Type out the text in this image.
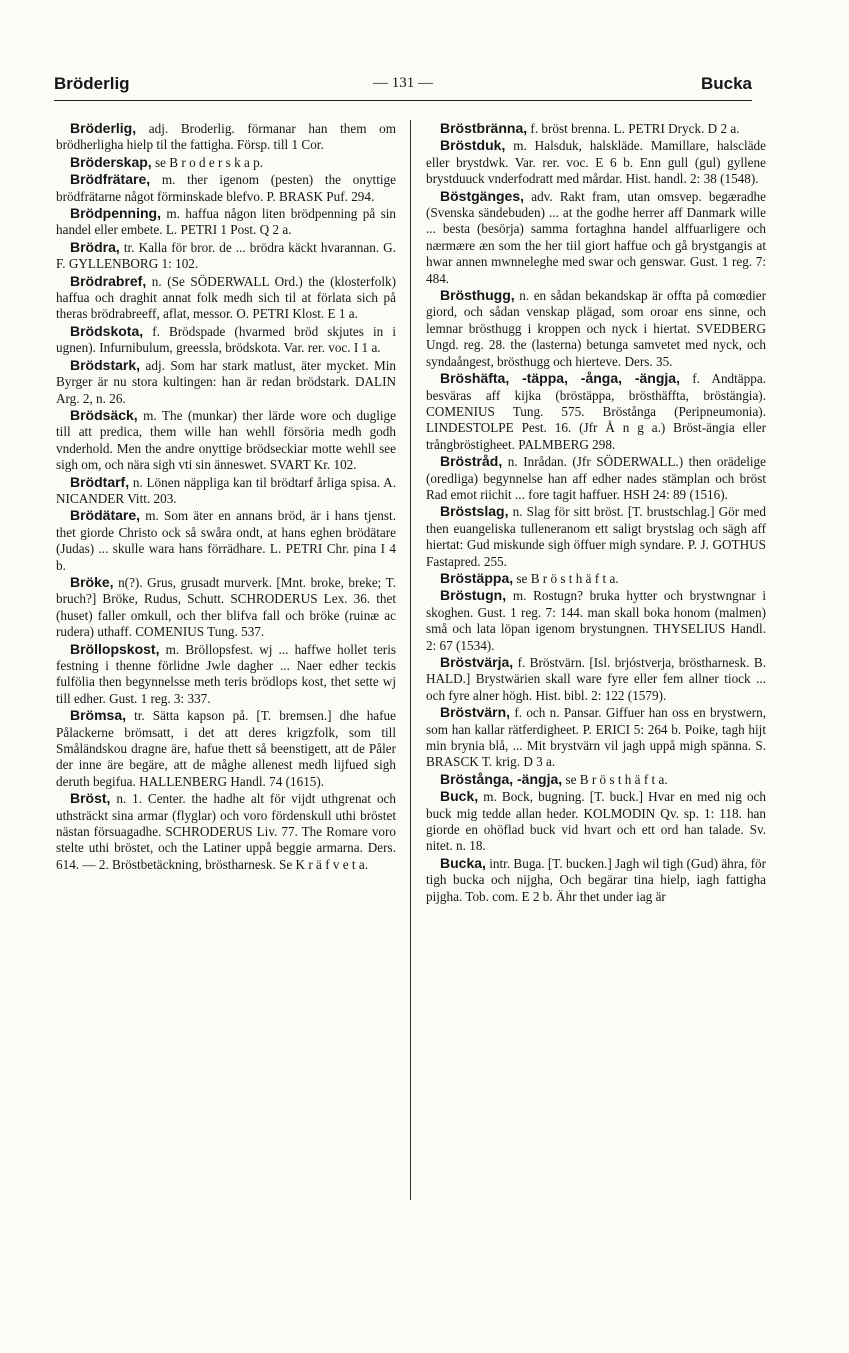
Bröderlig	— 131 —	Bucka

Bröderlig, adj. Broderlig. förmanar han them om brödherligha hielp til the fattigha. Försp. till 1 Cor.

Bröderskap, se B r o d e r s k a p.

Brödfrätare, m. ther igenom (pesten) the onyttige brödfrätarne något förminskade blefvo. P. BRASK Puf. 294.

Brödpenning, m. haffua någon liten brödpenning på sin handel eller embete. L. PETRI 1 Post. Q 2 a.

Brödra, tr. Kalla för bror. de ... brödra käckt hvarannan. G. F. GYLLENBORG 1: 102.

Brödrabref, n. (Se SÖDERWALL Ord.) the (klosterfolk) haffua och draghit annat folk medh sich til at förlata sich på theras brödrabreeff, aflat, messor. O. PETRI Klost. E 1 a.

Brödskota, f. Brödspade (hvarmed bröd skjutes in i ugnen). Infurnibulum, greessla, brödskota. Var. rer. voc. I 1 a.

Brödstark, adj. Som har stark matlust, äter mycket. Min Byrger är nu stora kultingen: han är redan brödstark. DALIN Arg. 2, n. 26.

Brödsäck, m. The (munkar) ther lärde wore och duglige till att predica, them wille han wehll försöria medh godh vnderhold. Men the andre onyttige brödseckiar motte wehll see sigh om, och nära sigh vti sin änneswet. SVART Kr. 102.

Brödtarf, n. Lönen näppliga kan til brödtarf årliga spisa. A. NICANDER Vitt. 203.

Brödätare, m. Som äter en annans bröd, är i hans tjenst. thet giorde Christo ock så swåra ondt, at hans eghen brödätare (Judas) ... skulle wara hans förrädhare. L. PETRI Chr. pina I 4 b.

Bröke, n(?). Grus, grusadt murverk. [Mnt. broke, breke; T. bruch?] Bröke, Rudus, Schutt. SCHRODERUS Lex. 36. thet (huset) faller omkull, och ther blifva fall och bröke (ruinæ ac rudera) uthaff. COMENIUS Tung. 537.

Bröllopskost, m. Bröllopsfest. wj ... haffwe hollet teris festning i thenne förlidne Jwle dagher ... Naer edher teckis fulfölia then begynnelsse meth teris brödlops kost, thet sette wj till edher. Gust. 1 reg. 3: 337.

Brömsa, tr. Sätta kapson på. [T. bremsen.] dhe hafue Pålackerne brömsatt, i det att deres krigzfolk, som till Småländskou dragne äre, hafue thett så beenstigett, att de Påler der inne äre begäre, att de måghe allenest medh lijfued sigh deruth begifua. HALLENBERG Handl. 74 (1615).

Bröst, n. 1. Center. the hadhe alt för vijdt uthgrenat och uthsträckt sina armar (flyglar) och voro fördenskull uthi bröstet nästan försuagadhe. SCHRODERUS Liv. 77. The Romare voro stelte uthi bröstet, och the Latiner uppå beggie armarna. Ders. 614. — 2. Bröstbetäckning, bröstharnesk. Se K r ä f v e t a.

Bröstbränna, f. bröst brenna. L. PETRI Dryck. D 2 a.

Bröstduk, m. Halsduk, halskläde. Mamillare, halscläde eller brystdwk. Var. rer. voc. E 6 b. Enn gull (gul) gyllene brystduuck vnderfodratt med mårdar. Hist. handl. 2: 38 (1548).

Böstgänges, adv. Rakt fram, utan omsvep. begæradhe (Svenska sändebuden) ... at the godhe herrer aff Danmark wille ... besta (besörja) samma fortaghna handel alffuarligere och nærmære æn som the her tiil giort haffue och gå brystgangis at hwar annen mwnneleghe med swar och genswar. Gust. 1 reg. 7: 484.

Brösthugg, n. en sådan bekandskap är offta på comœdier giord, och sådan venskap plägad, som oroar ens sinne, och lemnar brösthugg i kroppen och nyck i hiertat. SVEDBERG Ungd. reg. 28. the (lasterna) betunga samvetet med nyck, och syndaångest, brösthugg och hierteve. Ders. 35.

Bröshäfta, -täppa, -ånga, -ängja, f. Andtäppa. besväras aff kijka (bröstäppa, brösthäffta, bröstängia). COMENIUS Tung. 575. Bröstånga (Peripneumonia). LINDESTOLPE Pest. 16. (Jfr Å n g a.) Bröst-ängia eller trångbröstigheet. PALMBERG 298.

Bröstråd, n. Inrådan. (Jfr SÖDERWALL.) then orädelige (oredliga) begynnelse han aff edher nades stämplan och bröst Rad emot riichit ... fore tagit haffuer. HSH 24: 89 (1516).

Bröstslag, n. Slag för sitt bröst. [T. brustschlag.] Gör med then euangeliska tulleneranom ett saligt brystslag och sägh aff hiertat: Gud miskunde sigh öffuer migh syndare. P. J. GOTHUS Fastapred. 255.

Bröstäppa, se B r ö s t h ä f t a.

Bröstugn, m. Rostugn? bruka hytter och brystwngnar i skoghen. Gust. 1 reg. 7: 144. man skall boka honom (malmen) små och lata löpan igenom brystungnen. THYSELIUS Handl. 2: 67 (1534).

Bröstvärja, f. Bröstvärn. [Isl. brjóstverja, bröstharnesk. B. HALD.] Brystwärien skall ware fyre eller fem allner tiock ... och fyre alner högh. Hist. bibl. 2: 122 (1579).

Bröstvärn, f. och n. Pansar. Giffuer han oss en brystwern, som han kallar rätferdigheet. P. ERICI 5: 264 b. Poike, tagh hijt min brynia blå, ... Mit brystvärn vil jagh uppå migh spänna. S. BRASCK T. krig. D 3 a.

Bröstånga, -ängja, se B r ö s t h ä f t a.

Buck, m. Bock, bugning. [T. buck.] Hvar en med nig och buck mig tedde allan heder. KOLMODIN Qv. sp. 1: 118. han giorde en ohöflad buck vid hvart och ett ord han talade. Sv. nitet. n. 18.

Bucka, intr. Buga. [T. bucken.] Jagh wil tigh (Gud) ähra, för tigh bucka och nijgha, Och begärar tina hielp, iagh fattigha pijgha. Tob. com. E 2 b. Ähr thet under iag är
